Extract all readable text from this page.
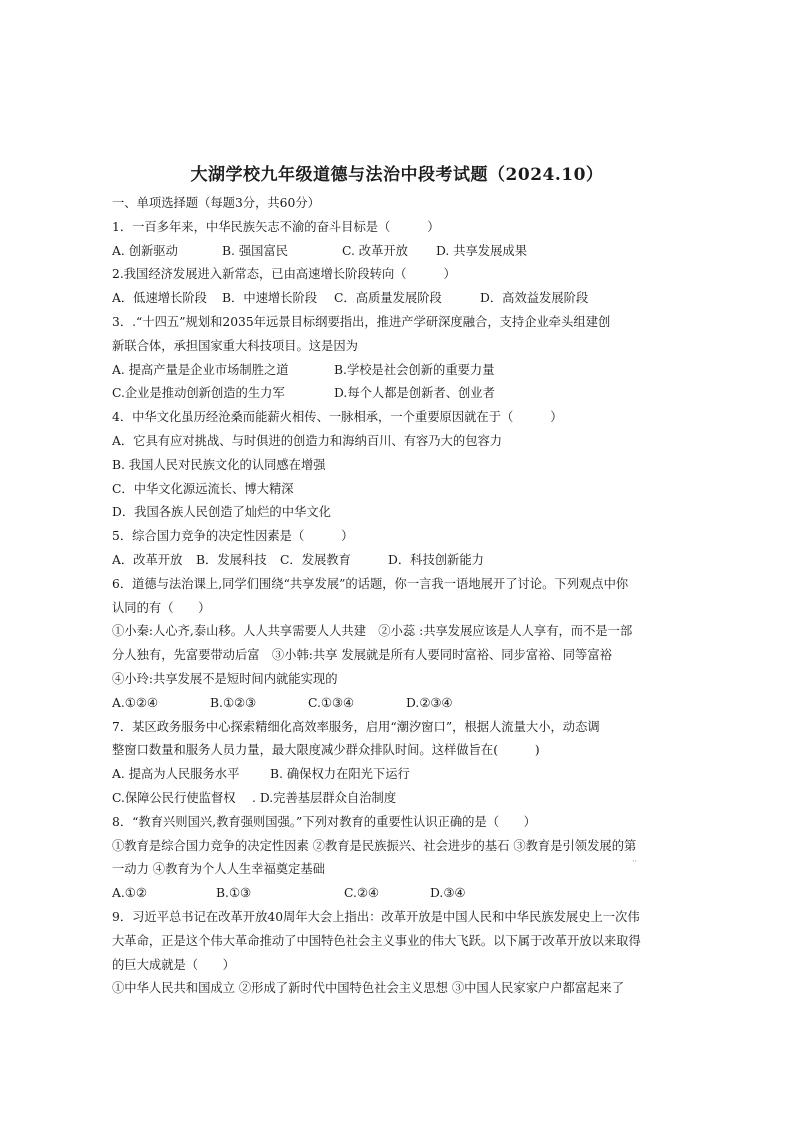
大湖学校九年级道德与法治中段考试题（2024.10）
一、单项选择题（每题3分，共60分）
1．一百多年来，中华民族矢志不渝的奋斗目标是（　　　）
A. 创新驱动	B. 强国富民	C. 改革开放	D. 共享发展成果
2.我国经济发展进入新常态，已由高速增长阶段转向（　　　）
A．低速增长阶段	B．中速增长阶段	C．高质量发展阶段	D．高效益发展阶段
3．.“十四五”规划和2035年远景目标纲要指出，推进产学研深度融合，支持企业牵头组建创
新联合体，承担国家重大科技项目。这是因为
A. 提高产量是企业市场制胜之道	B.学校是社会创新的重要力量
C.企业是推动创新创造的生力军	D.每个人都是创新者、创业者
4．中华文化虽历经沧桑而能薪火相传、一脉相承，一个重要原因就在于（　　　）
A．它具有应对挑战、与时俱进的创造力和海纳百川、有容乃大的包容力
B. 我国人民对民族文化的认同感在增强
C．中华文化源远流长、博大精深
D．我国各族人民创造了灿烂的中华文化
5．综合国力竞争的决定性因素是（　　　）
A．改革开放	B．发展科技	C．发展教育	D．科技创新能力
6．道德与法治课上,同学们围绕“共享发展”的话题，你一言我一语地展开了讨论。下列观点中你
认同的有（　　）
①小秦:人心齐,泰山移。人人共享需要人人共建　②小蕊 :共享发展应该是人人享有，而不是一部
分人独有，先富要带动后富　③小韩:共享 发展就是所有人要同时富裕、同步富裕、同等富裕
④小玲:共享发展不是短时间内就能实现的
A.①②④	B.①②③	C.①③④	D.②③④
7．某区政务服务中心探索精细化高效率服务，启用“潮汐窗口”，根据人流量大小，动态调
整窗口数量和服务人员力量，最大限度减少群众排队时间。这样做旨在(　　　)
A. 提高为人民服务水平	B. 确保权力在阳光下运行
C.保障公民行使监督权	. D.完善基层群众自治制度
8．“教育兴则国兴,教育强则国强。”下列对教育的重要性认识正确的是（　　）
①教育是综合国力竞争的决定性因素 ②教育是民族振兴、社会进步的基石 ③教育是引领发展的第
一动力 ④教育为个人人生幸福奠定基础
A.①②	B.①③	C.②④	D.③④
9．习近平总书记在改革开放40周年大会上指出：改革开放是中国人民和中华民族发展史上一次伟
大革命，正是这个伟大革命推动了中国特色社会主义事业的伟大飞跃。以下属于改革开放以来取得
的巨大成就是（　　）
①中华人民共和国成立 ②形成了新时代中国特色社会主义思想 ③中国人民家家户户都富起来了
··
